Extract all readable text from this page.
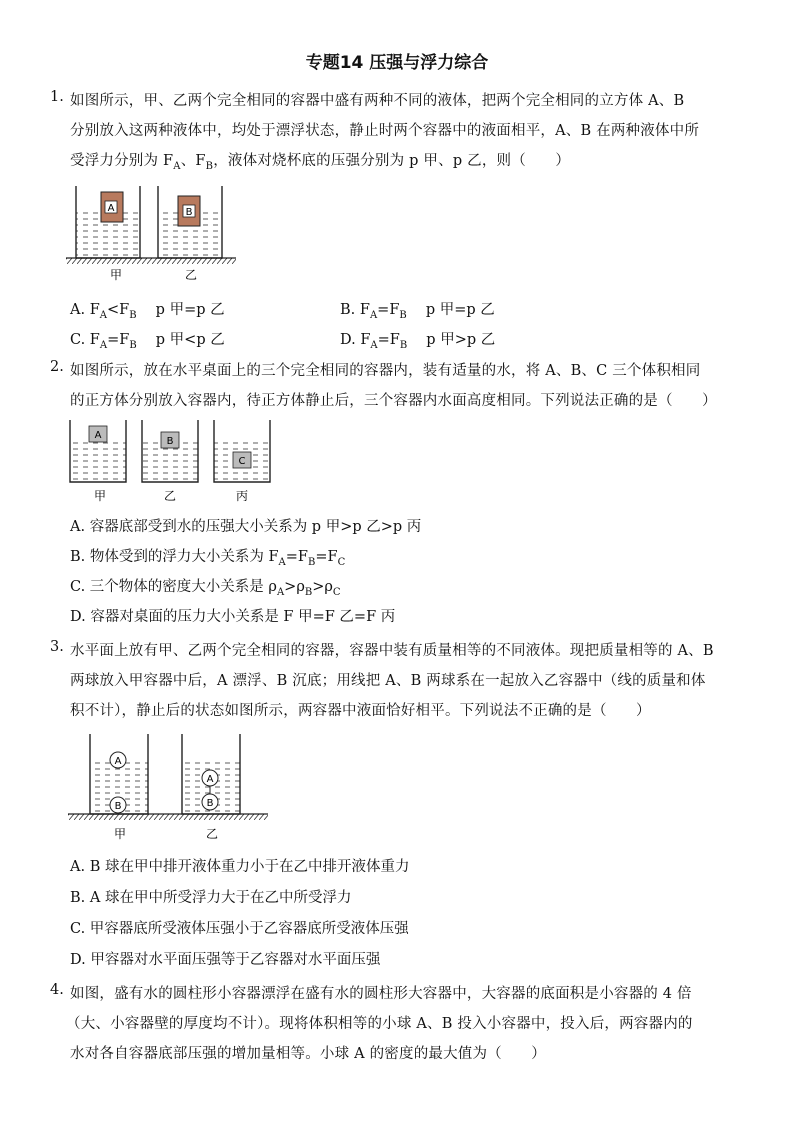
专题14 压强与浮力综合
1. 如图所示，甲、乙两个完全相同的容器中盛有两种不同的液体，把两个完全相同的立方体 A、B
分别放入这两种液体中，均处于漂浮状态，静止时两个容器中的液面相平，A、B 在两种液体中所
受浮力分别为 $F_A$、$F_B$，液体对烧杯底的压强分别为 p 甲、p 乙，则（　　）
A	B
甲	乙
A. $F_A<F_B$　 p 甲=p 乙	B. $F_A=F_B$　 p 甲=p 乙
C. $F_A=F_B$　 p 甲<p 乙	D. $F_A=F_B$　 p 甲>p 乙
2. 如图所示，放在水平桌面上的三个完全相同的容器内，装有适量的水，将 A、B、C 三个体积相同
的正方体分别放入容器内，待正方体静止后，三个容器内水面高度相同。下列说法正确的是（　　）
A
B
C
甲	乙	丙
A. 容器底部受到水的压强大小关系为 p 甲>p 乙>p 丙
B. 物体受到的浮力大小关系为 $F_A=F_B=F_C$
C. 三个物体的密度大小关系是 $\rho_A>\rho_B>\rho_C$
D. 容器对桌面的压力大小关系是 F 甲=F 乙=F 丙
3. 水平面上放有甲、乙两个完全相同的容器，容器中装有质量相等的不同液体。现把质量相等的 A、B
两球放入甲容器中后，A 漂浮、B 沉底；用线把 A、B 两球系在一起放入乙容器中（线的质量和体
积不计），静止后的状态如图所示，两容器中液面恰好相平。下列说法不正确的是（　　）
A
B
A
B
甲	乙
A. B 球在甲中排开液体重力小于在乙中排开液体重力
B. A 球在甲中所受浮力大于在乙中所受浮力
C. 甲容器底所受液体压强小于乙容器底所受液体压强
D. 甲容器对水平面压强等于乙容器对水平面压强
4. 如图，盛有水的圆柱形小容器漂浮在盛有水的圆柱形大容器中，大容器的底面积是小容器的 4 倍
（大、小容器壁的厚度均不计）。现将体积相等的小球 A、B 投入小容器中，投入后，两容器内的
水对各自容器底部压强的增加量相等。小球 A 的密度的最大值为（　　）
